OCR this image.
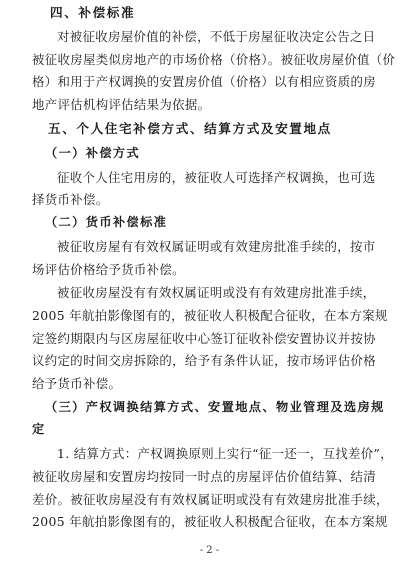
四、补偿标准
对被征收房屋价值的补偿，不低于房屋征收决定公告之日
被征收房屋类似房地产的市场价格（价格）。被征收房屋价值（价
格）和用于产权调换的安置房价值（价格）以有相应资质的房
地产评估机构评估结果为依据。
五、个人住宅补偿方式、结算方式及安置地点
（一）补偿方式
征收个人住宅用房的，被征收人可选择产权调换，也可选
择货币补偿。
（二）货币补偿标准
被征收房屋有有效权属证明或有效建房批准手续的，按市
场评估价格给予货币补偿。
被征收房屋没有有效权属证明或没有有效建房批准手续，
2005 年航拍影像图有的，被征收人积极配合征收，在本方案规
定签约期限内与区房屋征收中心签订征收补偿安置协议并按协
议约定的时间交房拆除的，给予有条件认证，按市场评估价格
给予货币补偿。
（三）产权调换结算方式、安置地点、物业管理及选房规
定
1. 结算方式：产权调换原则上实行“征一还一，互找差价”，
被征收房屋和安置房均按同一时点的房屋评估价值结算、结清
差价。被征收房屋没有有效权属证明或没有有效建房批准手续，
2005 年航拍影像图有的，被征收人积极配合征收，在本方案规
- 2 -
